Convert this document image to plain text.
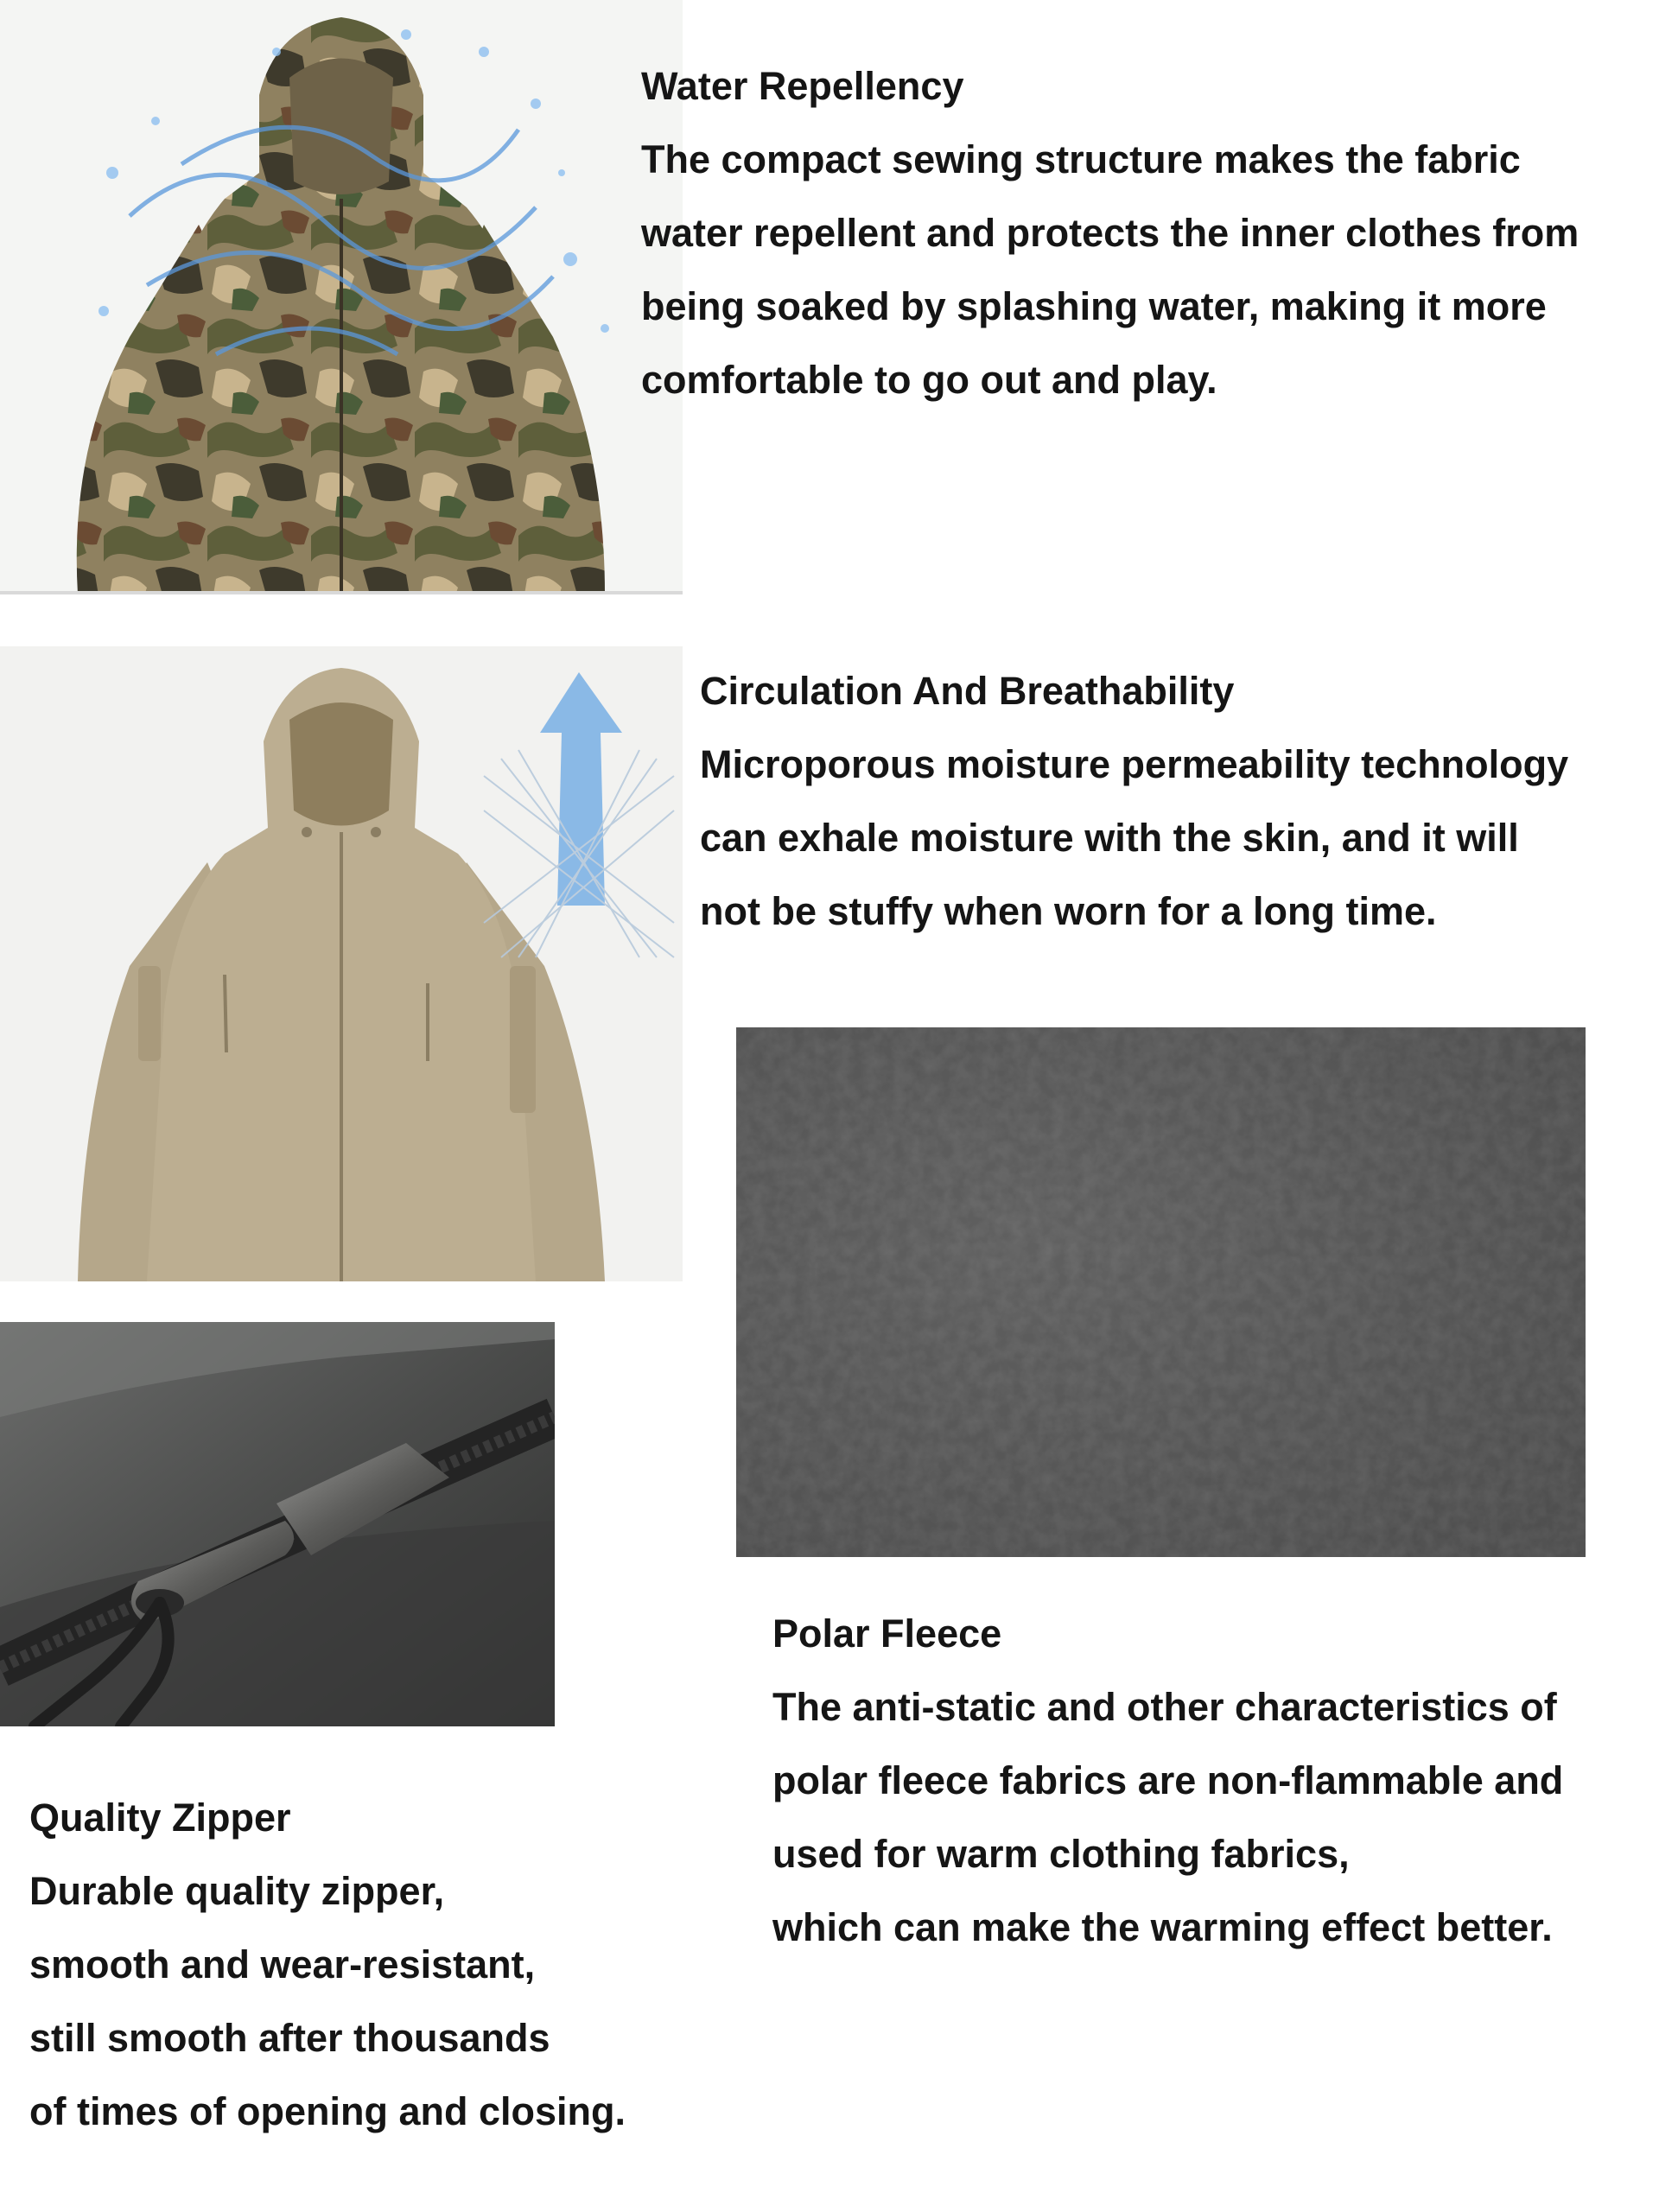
Water Repellency
The compact sewing structure makes the fabric
water repellent and protects the inner clothes from
being soaked by splashing water, making it more
comfortable to go out and play.
Circulation And Breathability
Microporous moisture permeability technology
can exhale moisture with the skin, and it will
not be stuffy when worn for a long time.
Polar Fleece
The anti-static and other characteristics of
polar fleece fabrics are non-flammable and
used for warm clothing fabrics,
which can make the warming effect better.
Quality Zipper
Durable quality zipper,
smooth and wear-resistant,
still smooth after thousands
of times of opening and closing.
